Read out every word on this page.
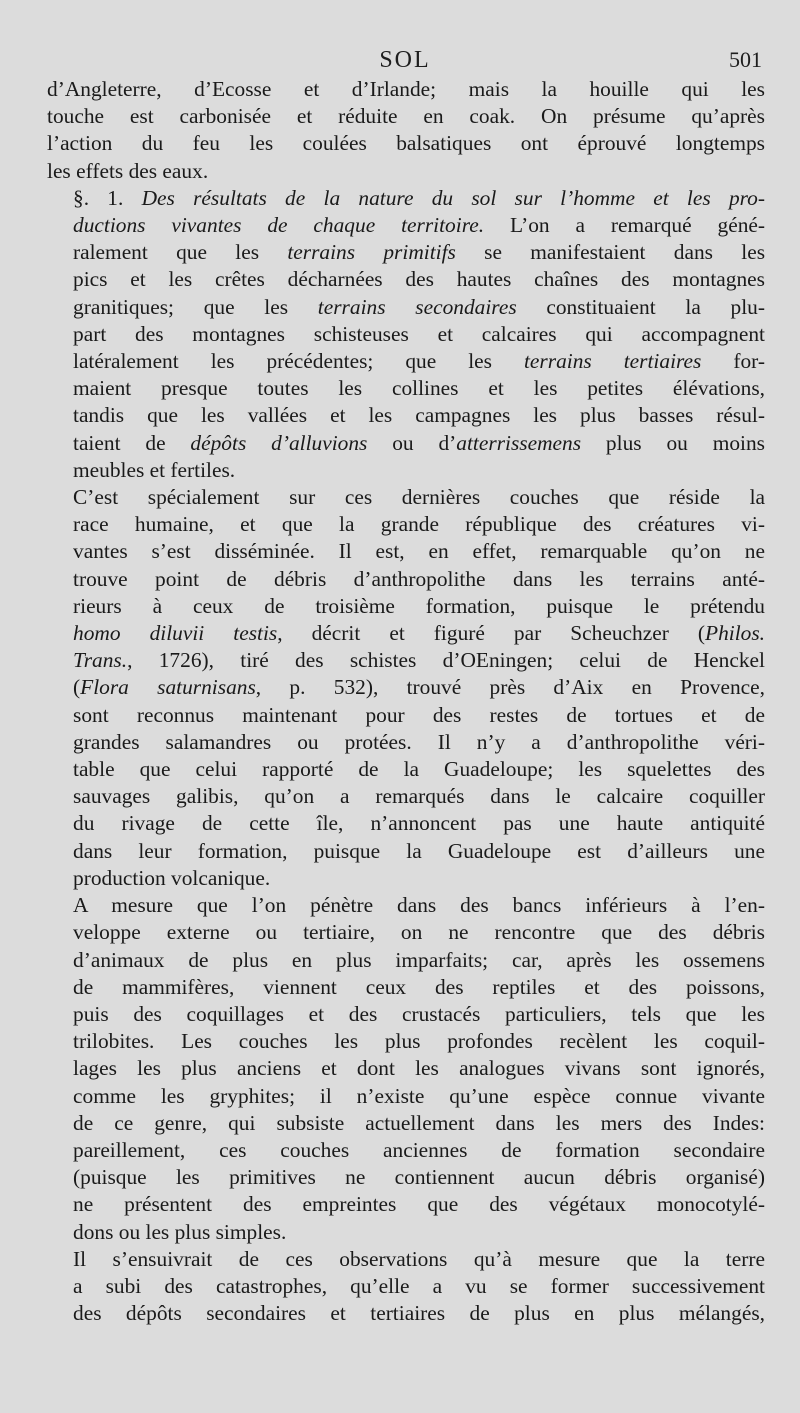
SOL	501

d’Angleterre, d’Ecosse et d’Irlande; mais la houille qui les
touche est carbonisée et réduite en coak. On présume qu’après
l’action du feu les coulées balsatiques ont éprouvé longtemps
les effets des eaux.

§. 1. Des résultats de la nature du sol sur l’homme et les pro-
ductions vivantes de chaque territoire. L’on a remarqué géné-
ralement que les terrains primitifs se manifestaient dans les
pics et les crêtes décharnées des hautes chaînes des montagnes
granitiques; que les terrains secondaires constituaient la plu-
part des montagnes schisteuses et calcaires qui accompagnent
latéralement les précédentes; que les terrains tertiaires for-
maient presque toutes les collines et les petites élévations,
tandis que les vallées et les campagnes les plus basses résul-
taient de dépôts d’alluvions ou d’atterrissemens plus ou moins
meubles et fertiles.

C’est spécialement sur ces dernières couches que réside la
race humaine, et que la grande république des créatures vi-
vantes s’est disséminée. Il est, en effet, remarquable qu’on ne
trouve point de débris d’anthropolithe dans les terrains anté-
rieurs à ceux de troisième formation, puisque le prétendu
homo diluvii testis, décrit et figuré par Scheuchzer (Philos.
Trans., 1726), tiré des schistes d’OEningen; celui de Henckel
(Flora saturnisans, p. 532), trouvé près d’Aix en Provence,
sont reconnus maintenant pour des restes de tortues et de
grandes salamandres ou protées. Il n’y a d’anthropolithe véri-
table que celui rapporté de la Guadeloupe; les squelettes des
sauvages galibis, qu’on a remarqués dans le calcaire coquiller
du rivage de cette île, n’annoncent pas une haute antiquité
dans leur formation, puisque la Guadeloupe est d’ailleurs une
production volcanique.

A mesure que l’on pénètre dans des bancs inférieurs à l’en-
veloppe externe ou tertiaire, on ne rencontre que des débris
d’animaux de plus en plus imparfaits; car, après les ossemens
de mammifères, viennent ceux des reptiles et des poissons,
puis des coquillages et des crustacés particuliers, tels que les
trilobites. Les couches les plus profondes recèlent les coquil-
lages les plus anciens et dont les analogues vivans sont ignorés,
comme les gryphites; il n’existe qu’une espèce connue vivante
de ce genre, qui subsiste actuellement dans les mers des Indes:
pareillement, ces couches anciennes de formation secondaire
(puisque les primitives ne contiennent aucun débris organisé)
ne présentent des empreintes que des végétaux monocotylé-
dons ou les plus simples.

Il s’ensuivrait de ces observations qu’à mesure que la terre
a subi des catastrophes, qu’elle a vu se former successivement
des dépôts secondaires et tertiaires de plus en plus mélangés,
